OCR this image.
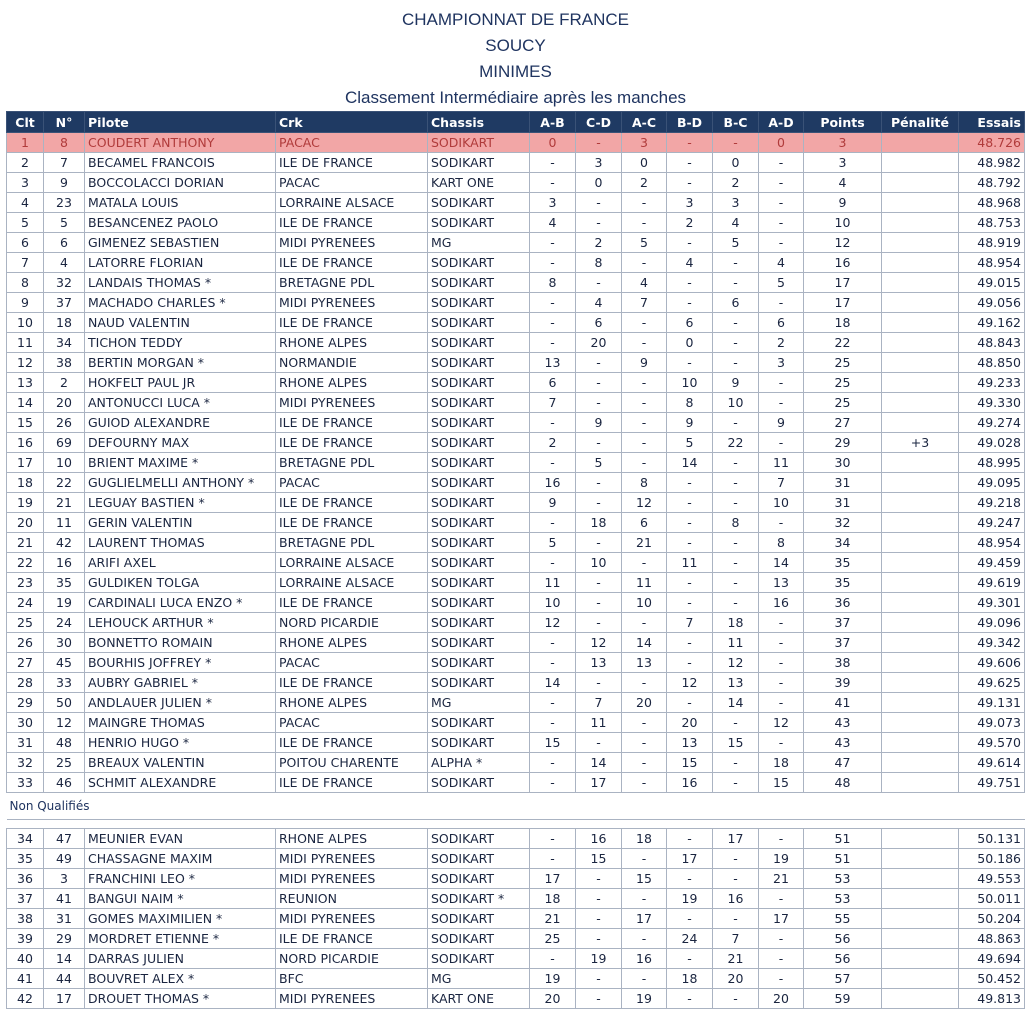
CHAMPIONNAT DE FRANCE
SOUCY
MINIMES
Classement Intermédiaire après les manches
Clt	N°	Pilote	Crk	Chassis	A-B	C-D	A-C	B-D	B-C	A-D	Points	Pénalité	Essais
1	8	COUDERT ANTHONY	PACAC	SODIKART	0	-	3	-	-	0	3		48.726
2	7	BECAMEL FRANCOIS	ILE DE FRANCE	SODIKART	-	3	0	-	0	-	3		48.982
3	9	BOCCOLACCI DORIAN	PACAC	KART ONE	-	0	2	-	2	-	4		48.792
4	23	MATALA LOUIS	LORRAINE ALSACE	SODIKART	3	-	-	3	3	-	9		48.968
5	5	BESANCENEZ PAOLO	ILE DE FRANCE	SODIKART	4	-	-	2	4	-	10		48.753
6	6	GIMENEZ SEBASTIEN	MIDI PYRENEES	MG	-	2	5	-	5	-	12		48.919
7	4	LATORRE FLORIAN	ILE DE FRANCE	SODIKART	-	8	-	4	-	4	16		48.954
8	32	LANDAIS THOMAS *	BRETAGNE PDL	SODIKART	8	-	4	-	-	5	17		49.015
9	37	MACHADO CHARLES *	MIDI PYRENEES	SODIKART	-	4	7	-	6	-	17		49.056
10	18	NAUD VALENTIN	ILE DE FRANCE	SODIKART	-	6	-	6	-	6	18		49.162
11	34	TICHON TEDDY	RHONE ALPES	SODIKART	-	20	-	0	-	2	22		48.843
12	38	BERTIN MORGAN *	NORMANDIE	SODIKART	13	-	9	-	-	3	25		48.850
13	2	HOKFELT PAUL JR	RHONE ALPES	SODIKART	6	-	-	10	9	-	25		49.233
14	20	ANTONUCCI LUCA *	MIDI PYRENEES	SODIKART	7	-	-	8	10	-	25		49.330
15	26	GUIOD ALEXANDRE	ILE DE FRANCE	SODIKART	-	9	-	9	-	9	27		49.274
16	69	DEFOURNY MAX	ILE DE FRANCE	SODIKART	2	-	-	5	22	-	29	+3	49.028
17	10	BRIENT MAXIME *	BRETAGNE PDL	SODIKART	-	5	-	14	-	11	30		48.995
18	22	GUGLIELMELLI ANTHONY *	PACAC	SODIKART	16	-	8	-	-	7	31		49.095
19	21	LEGUAY BASTIEN *	ILE DE FRANCE	SODIKART	9	-	12	-	-	10	31		49.218
20	11	GERIN VALENTIN	ILE DE FRANCE	SODIKART	-	18	6	-	8	-	32		49.247
21	42	LAURENT THOMAS	BRETAGNE PDL	SODIKART	5	-	21	-	-	8	34		48.954
22	16	ARIFI AXEL	LORRAINE ALSACE	SODIKART	-	10	-	11	-	14	35		49.459
23	35	GULDIKEN TOLGA	LORRAINE ALSACE	SODIKART	11	-	11	-	-	13	35		49.619
24	19	CARDINALI LUCA ENZO *	ILE DE FRANCE	SODIKART	10	-	10	-	-	16	36		49.301
25	24	LEHOUCK ARTHUR *	NORD PICARDIE	SODIKART	12	-	-	7	18	-	37		49.096
26	30	BONNETTO ROMAIN	RHONE ALPES	SODIKART	-	12	14	-	11	-	37		49.342
27	45	BOURHIS JOFFREY *	PACAC	SODIKART	-	13	13	-	12	-	38		49.606
28	33	AUBRY GABRIEL *	ILE DE FRANCE	SODIKART	14	-	-	12	13	-	39		49.625
29	50	ANDLAUER JULIEN *	RHONE ALPES	MG	-	7	20	-	14	-	41		49.131
30	12	MAINGRE THOMAS	PACAC	SODIKART	-	11	-	20	-	12	43		49.073
31	48	HENRIO HUGO *	ILE DE FRANCE	SODIKART	15	-	-	13	15	-	43		49.570
32	25	BREAUX VALENTIN	POITOU CHARENTE	ALPHA *	-	14	-	15	-	18	47		49.614
33	46	SCHMIT ALEXANDRE	ILE DE FRANCE	SODIKART	-	17	-	16	-	15	48		49.751
Non Qualifiés													

34	47	MEUNIER EVAN	RHONE ALPES	SODIKART	-	16	18	-	17	-	51		50.131
35	49	CHASSAGNE MAXIM	MIDI PYRENEES	SODIKART	-	15	-	17	-	19	51		50.186
36	3	FRANCHINI LEO *	MIDI PYRENEES	SODIKART	17	-	15	-	-	21	53		49.553
37	41	BANGUI NAIM *	REUNION	SODIKART *	18	-	-	19	16	-	53		50.011
38	31	GOMES MAXIMILIEN *	MIDI PYRENEES	SODIKART	21	-	17	-	-	17	55		50.204
39	29	MORDRET ETIENNE *	ILE DE FRANCE	SODIKART	25	-	-	24	7	-	56		48.863
40	14	DARRAS JULIEN	NORD PICARDIE	SODIKART	-	19	16	-	21	-	56		49.694
41	44	BOUVRET ALEX *	BFC	MG	19	-	-	18	20	-	57		50.452
42	17	DROUET THOMAS *	MIDI PYRENEES	KART ONE	20	-	19	-	-	20	59		49.813
